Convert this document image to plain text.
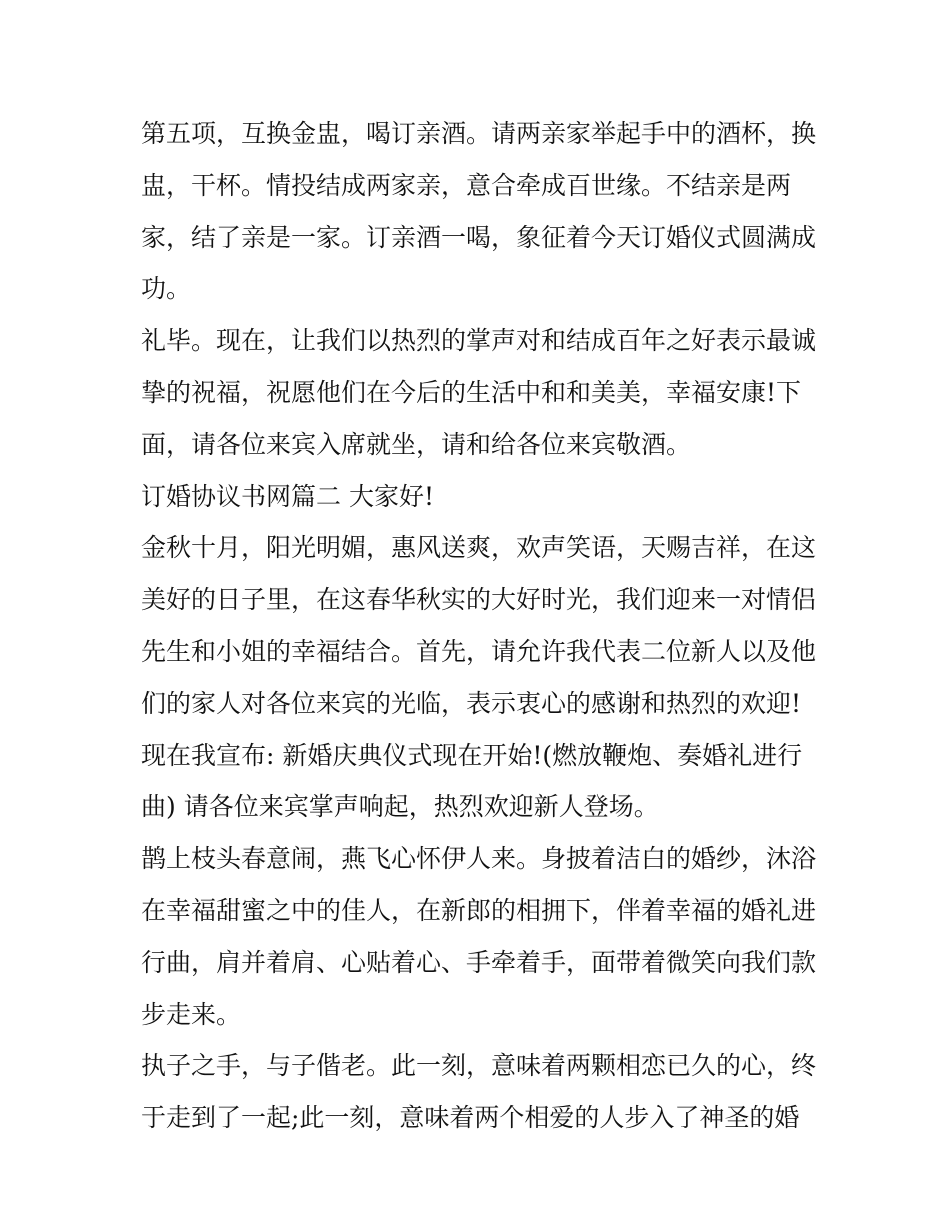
第五项，互换金盅，喝订亲酒。请两亲家举起手中的酒杯，换盅，干杯。情投结成两家亲，意合牵成百世缘。不结亲是两家，结了亲是一家。订亲酒一喝，象征着今天订婚仪式圆满成功。

礼毕。现在，让我们以热烈的掌声对和结成百年之好表示最诚挚的祝福，祝愿他们在今后的生活中和和美美，幸福安康!下面，请各位来宾入席就坐，请和给各位来宾敬酒。

订婚协议书网篇二 大家好!

金秋十月，阳光明媚，惠风送爽，欢声笑语，天赐吉祥，在这美好的日子里，在这春华秋实的大好时光，我们迎来一对情侣先生和小姐的幸福结合。首先，请允许我代表二位新人以及他们的家人对各位来宾的光临，表示衷心的感谢和热烈的欢迎!

现在我宣布: 新婚庆典仪式现在开始!(燃放鞭炮、奏婚礼进行曲) 请各位来宾掌声响起，热烈欢迎新人登场。

鹊上枝头春意闹，燕飞心怀伊人来。身披着洁白的婚纱，沐浴在幸福甜蜜之中的佳人，在新郎的相拥下，伴着幸福的婚礼进行曲，肩并着肩、心贴着心、手牵着手，面带着微笑向我们款步走来。

执子之手，与子偕老。此一刻，意味着两颗相恋已久的心，终于走到了一起;此一刻，意味着两个相爱的人步入了神圣的婚
